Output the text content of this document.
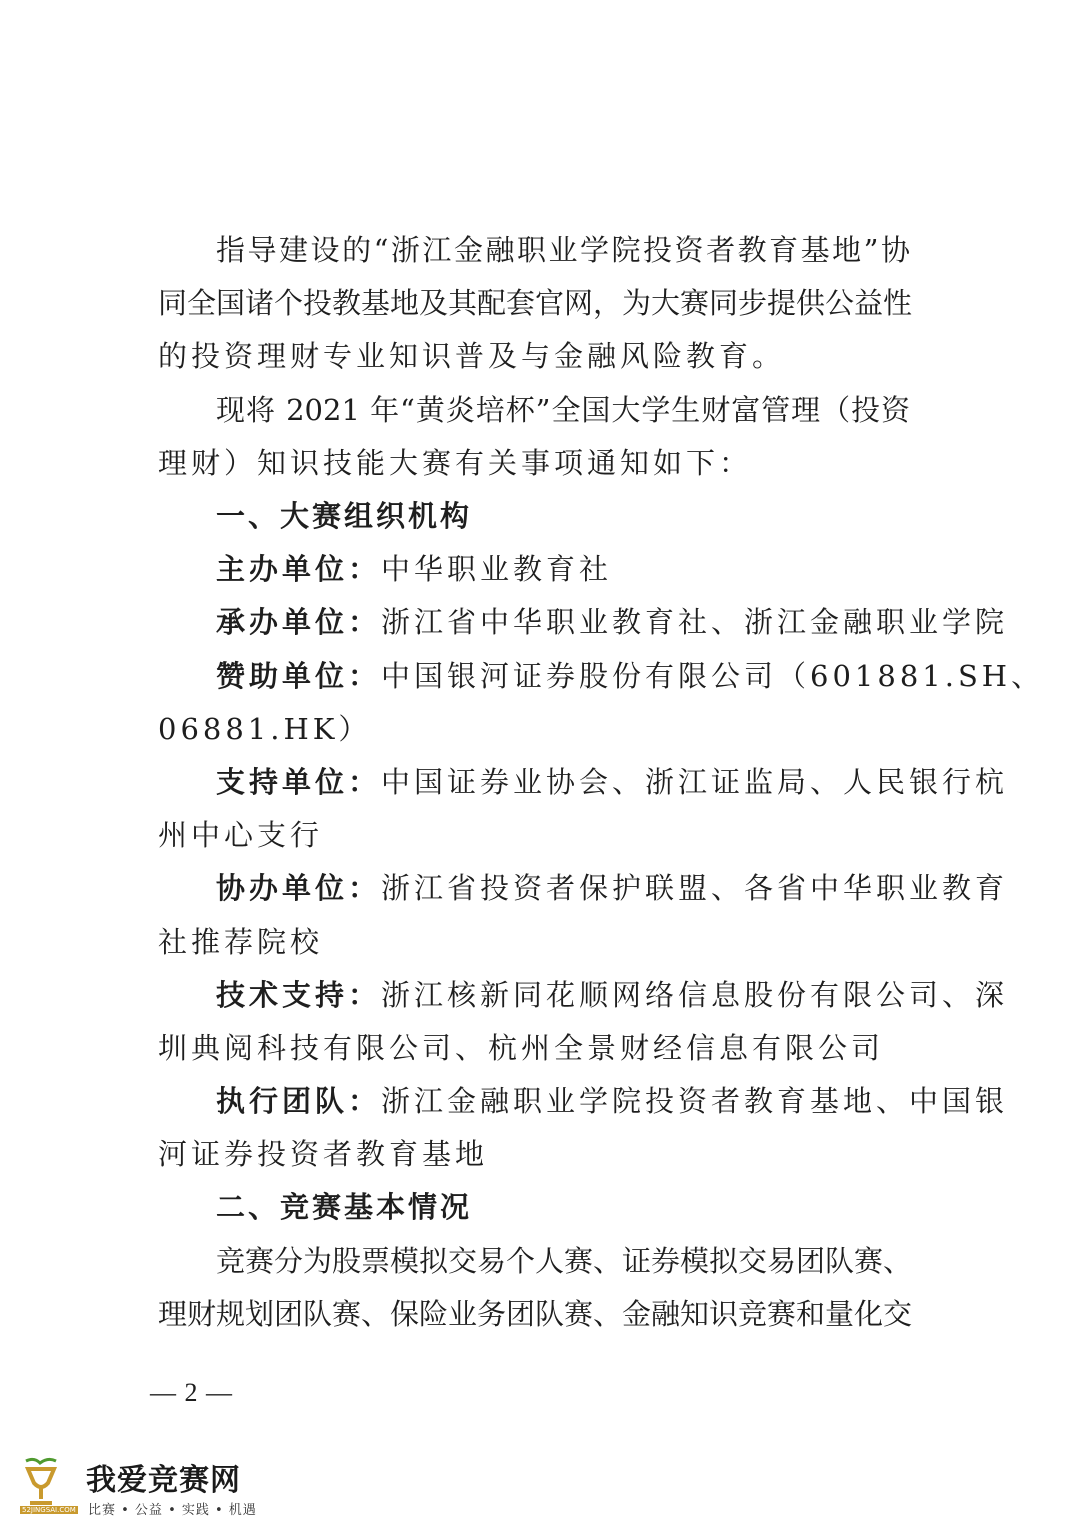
指导建设的“浙江金融职业学院投资者教育基地”协
同全国诸个投教基地及其配套官网，为大赛同步提供公益性
的投资理财专业知识普及与金融风险教育。
现将 2021 年“黄炎培杯”全国大学生财富管理（投资
理财）知识技能大赛有关事项通知如下：
一、大赛组织机构
主办单位：中华职业教育社
承办单位：浙江省中华职业教育社、浙江金融职业学院
赞助单位：中国银河证券股份有限公司（601881.SH、
06881.HK）
支持单位：中国证券业协会、浙江证监局、人民银行杭
州中心支行
协办单位：浙江省投资者保护联盟、各省中华职业教育
社推荐院校
技术支持：浙江核新同花顺网络信息股份有限公司、深
圳典阅科技有限公司、杭州全景财经信息有限公司
执行团队：浙江金融职业学院投资者教育基地、中国银
河证券投资者教育基地
二、竞赛基本情况
竞赛分为股票模拟交易个人赛、证券模拟交易团队赛、
理财规划团队赛、保险业务团队赛、金融知识竞赛和量化交
— 2 —
我爱竞赛网
52JINGSAI.COM 比赛 • 公益 • 实践 • 机遇
